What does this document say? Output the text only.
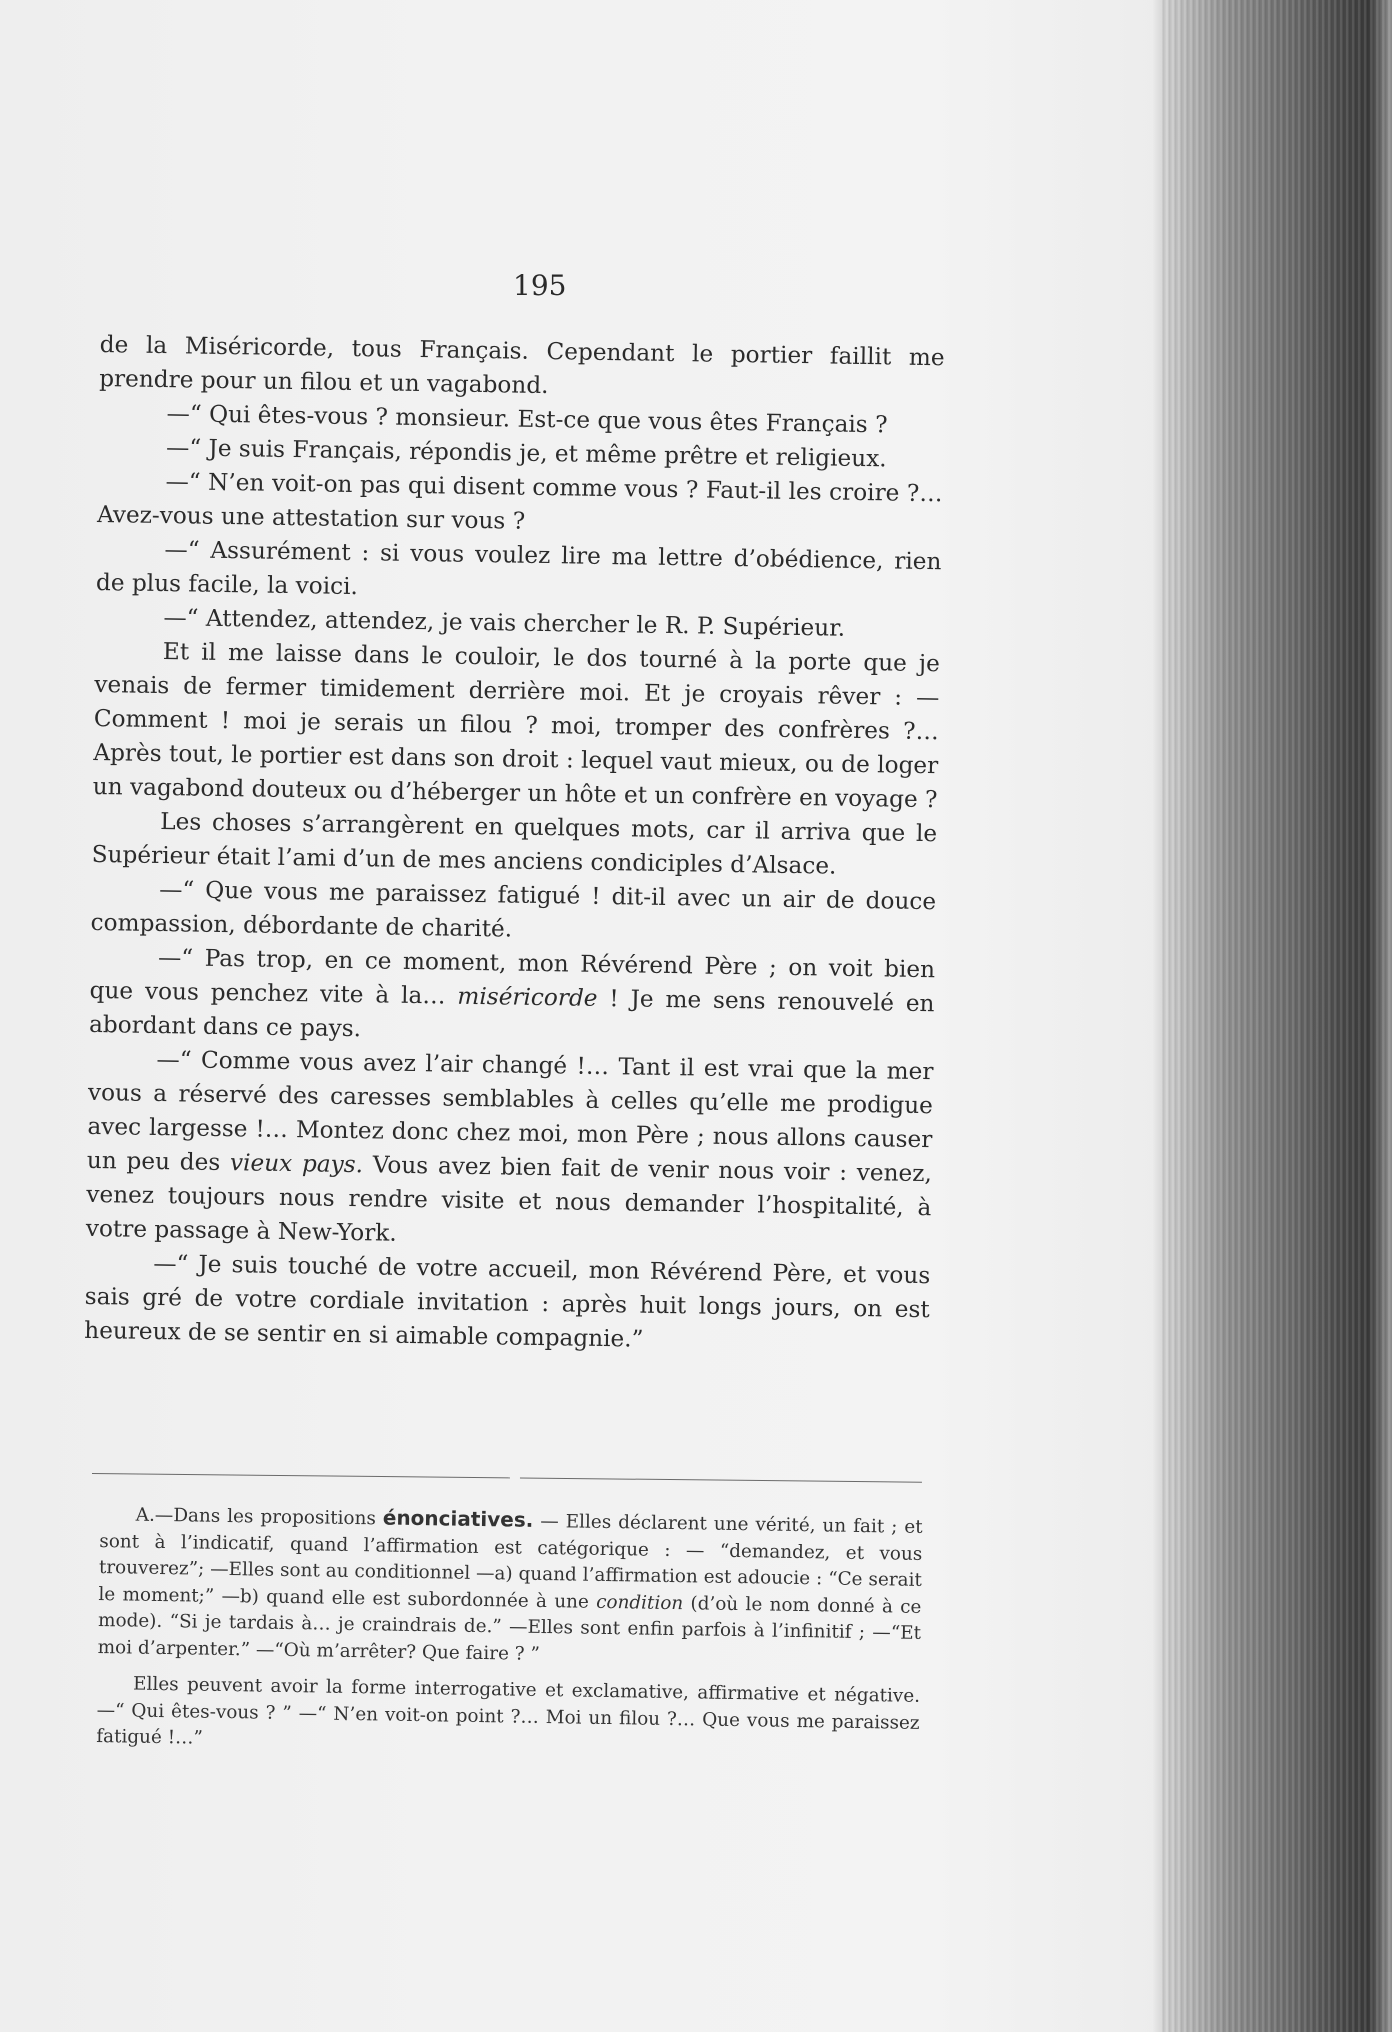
195

de la Miséricorde, tous Français. Cependant le portier faillit me prendre pour un filou et un vagabond.

—“ Qui êtes-vous ? monsieur. Est-ce que vous êtes Français ?

—“ Je suis Français, répondis je, et même prêtre et religieux.

—“ N’en voit-on pas qui disent comme vous ? Faut-il les croire ?… Avez-vous une attestation sur vous ?

—“ Assurément : si vous voulez lire ma lettre d’obédience, rien de plus facile, la voici.

—“ Attendez, attendez, je vais chercher le R. P. Supérieur.

Et il me laisse dans le couloir, le dos tourné à la porte que je venais de fermer timidement derrière moi. Et je croyais rêver : — Comment ! moi je serais un filou ? moi, tromper des confrères ?… Après tout, le portier est dans son droit : lequel vaut mieux, ou de loger un vagabond douteux ou d’héberger un hôte et un confrère en voyage ?

Les choses s’arrangèrent en quelques mots, car il arriva que le Supérieur était l’ami d’un de mes anciens condiciples d’Alsace.

—“ Que vous me paraissez fatigué ! dit-il avec un air de douce compassion, débordante de charité.

—“ Pas trop, en ce moment, mon Révérend Père ; on voit bien que vous penchez vite à la… miséricorde ! Je me sens renouvelé en abordant dans ce pays.

—“ Comme vous avez l’air changé !… Tant il est vrai que la mer vous a réservé des caresses semblables à celles qu’elle me prodigue avec largesse !… Montez donc chez moi, mon Père ; nous allons causer un peu des vieux pays. Vous avez bien fait de venir nous voir : venez, venez toujours nous rendre visite et nous demander l’hospitalité, à votre passage à New-York.

—“ Je suis touché de votre accueil, mon Révérend Père, et vous sais gré de votre cordiale invitation : après huit longs jours, on est heureux de se sentir en si aimable compagnie.”

A.—Dans les propositions énonciatives. — Elles déclarent une vérité, un fait ; et sont à l’indicatif, quand l’affirmation est catégorique : — “demandez, et vous trouverez”; —Elles sont au conditionnel —a) quand l’affirmation est adoucie : “Ce serait le moment;” —b) quand elle est subordonnée à une condition (d’où le nom donné à ce mode). “Si je tardais à… je craindrais de.” —Elles sont enfin parfois à l’infinitif ; —“Et moi d’arpenter.” —“Où m’arrêter? Que faire ? ”

Elles peuvent avoir la forme interrogative et exclamative, affirmative et négative. —“ Qui êtes-vous ? ” —“ N’en voit-on point ?… Moi un filou ?… Que vous me paraissez fatigué !…”
